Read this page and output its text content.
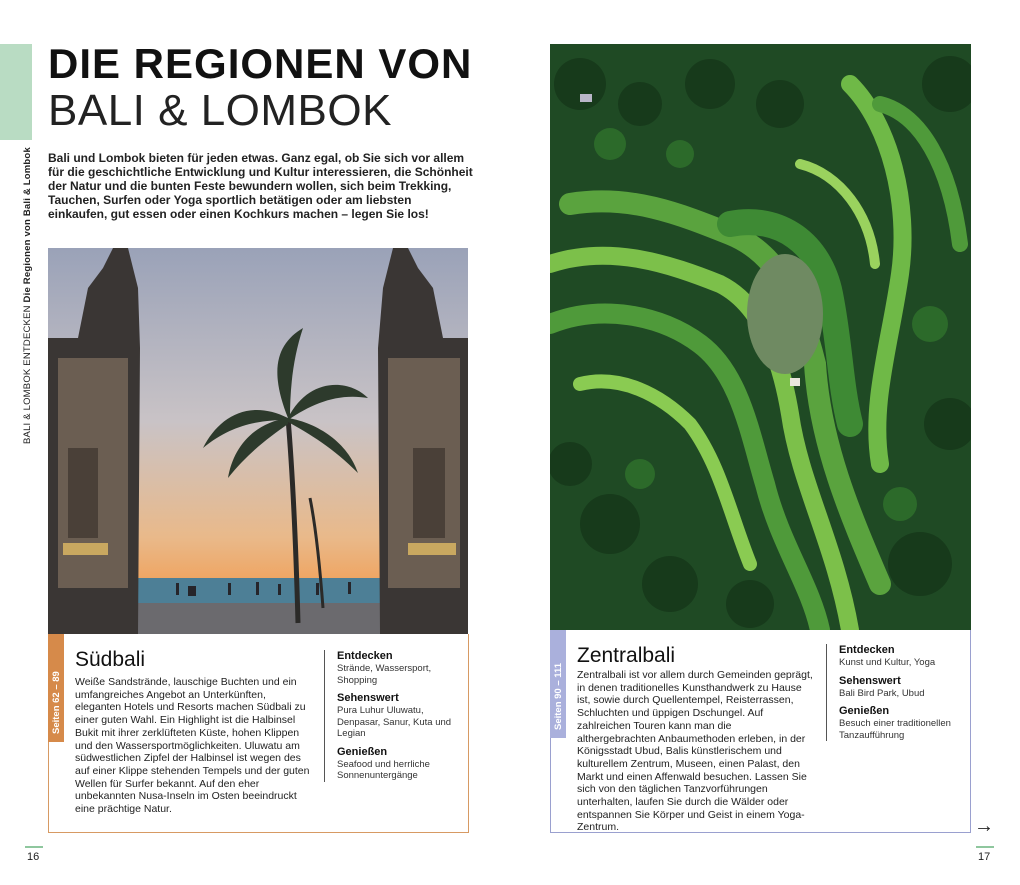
BALI & LOMBOK ENTDECKEN Die Regionen von Bali & Lombok
DIE REGIONEN VON
BALI & LOMBOK

Bali und Lombok bieten für jeden etwas. Ganz egal, ob Sie sich vor allem für die geschichtliche Entwicklung und Kultur interessieren, die Schönheit der Natur und die bunten Feste bewundern wollen, sich beim Trekking, Tauchen, Surfen oder Yoga sportlich betätigen oder am liebsten einkaufen, gut essen oder einen Kochkurs machen – legen Sie los!

Seiten 62 – 89
Südbali

Weiße Sandstrände, lauschige Buchten und ein umfangreiches Angebot an Unterkünften, eleganten Hotels und Resorts machen Südbali zu einer guten Wahl. Ein Highlight ist die Halbinsel Bukit mit ihrer zerklüfteten Küste, hohen Klippen und den Wassersportmöglichkeiten. Uluwatu am südwestlichen Zipfel der Halbinsel ist wegen des auf einer Klippe stehenden Tempels und der guten Wellen für Surfer bekannt. Auf den eher unbekannten Nusa-Inseln im Osten beeindruckt eine prächtige Natur.

Entdecken
Strände, Wassersport, Shopping
Sehenswert
Pura Luhur Uluwatu, Denpasar, Sanur, Kuta und Legian
Genießen
Seafood und herrliche Sonnenuntergänge
Seiten 90 – 111
Zentralbali

Zentralbali ist vor allem durch Gemeinden geprägt, in denen traditionelles Kunsthandwerk zu Hause ist, sowie durch Quellentempel, Reisterrassen, Schluchten und üppigen Dschungel. Auf zahlreichen Touren kann man die althergebrachten Anbaumethoden erleben, in der Königsstadt Ubud, Balis künstlerischem und kulturellem Zentrum, Museen, einen Palast, den Markt und einen Affenwald besuchen. Lassen Sie sich von den täglichen Tanzvorführungen unterhalten, laufen Sie durch die Wälder oder entspannen Sie Körper und Geist in einem Yoga-Zentrum.

Entdecken
Kunst und Kultur, Yoga
Sehenswert
Bali Bird Park, Ubud
Genießen
Besuch einer traditionellen Tanzaufführung
16	17
→
